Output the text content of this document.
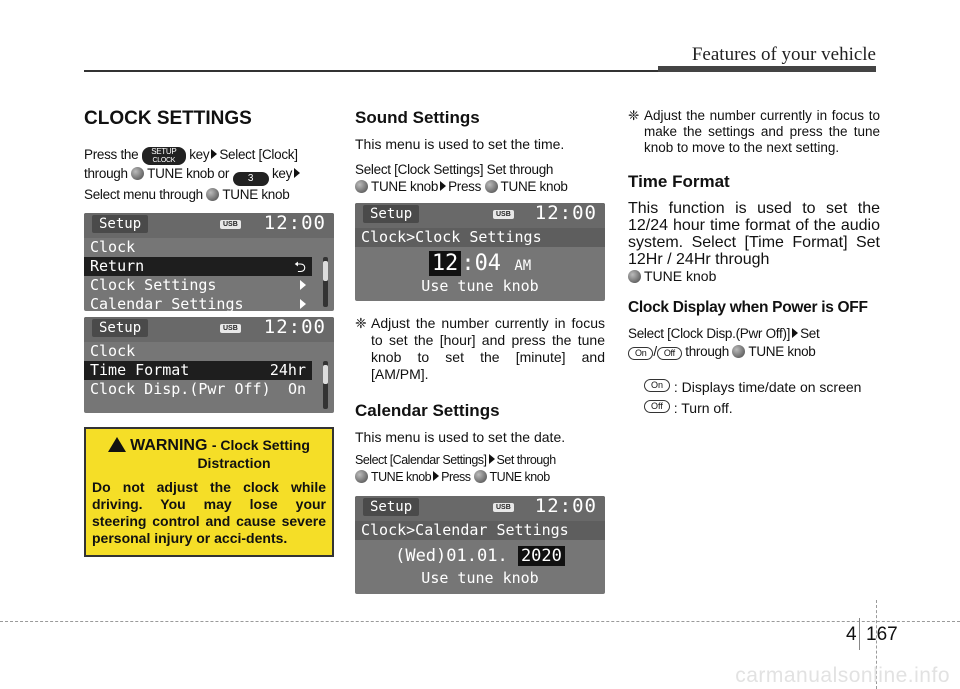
Features of your vehicle
CLOCK SETTINGS

Press the SETUP
CLOCK key Select [Clock]
through TUNE knob or 3 key
Select menu through TUNE knob

Setup	USB 12:00
Clock
Return	⮌
Clock Settings
Calendar Settings
Setup	USB 12:00
Clock
Time Format	24hr
Clock Disp.(Pwr Off) On
WARNING - Clock Setting
Distraction
Do not adjust the clock while driving. You may lose your steering control and cause severe personal injury or acci-dents.
Sound Settings

This menu is used to set the time.

Select [Clock Settings] Set through
TUNE knob Press TUNE knob

Setup	USB 12:00
Clock>Clock Settings
12 :04 AM
Use tune knob

❈ Adjust the number currently in focus to set the [hour] and press the tune knob to set the [minute] and [AM/PM].

Calendar Settings

This menu is used to set the date.

Select [Calendar Settings] Set through
TUNE knob Press TUNE knob

Setup	USB 12:00
Clock>Calendar Settings
(Wed)01.01. 2020
Use tune knob

❈ Adjust the number currently in focus to make the settings and press the tune knob to move to the next setting.

Time Format

This function is used to set the 12/24 hour time format of the audio system. Select [Time Format] Set 12Hr / 24Hr through
TUNE knob

Clock Display when Power is OFF

Select [Clock Disp.(Pwr Off)] Set
On / Off through TUNE knob

On : Displays time/date on screen

Off : Turn off.

4 167
carmanualsonline.info
